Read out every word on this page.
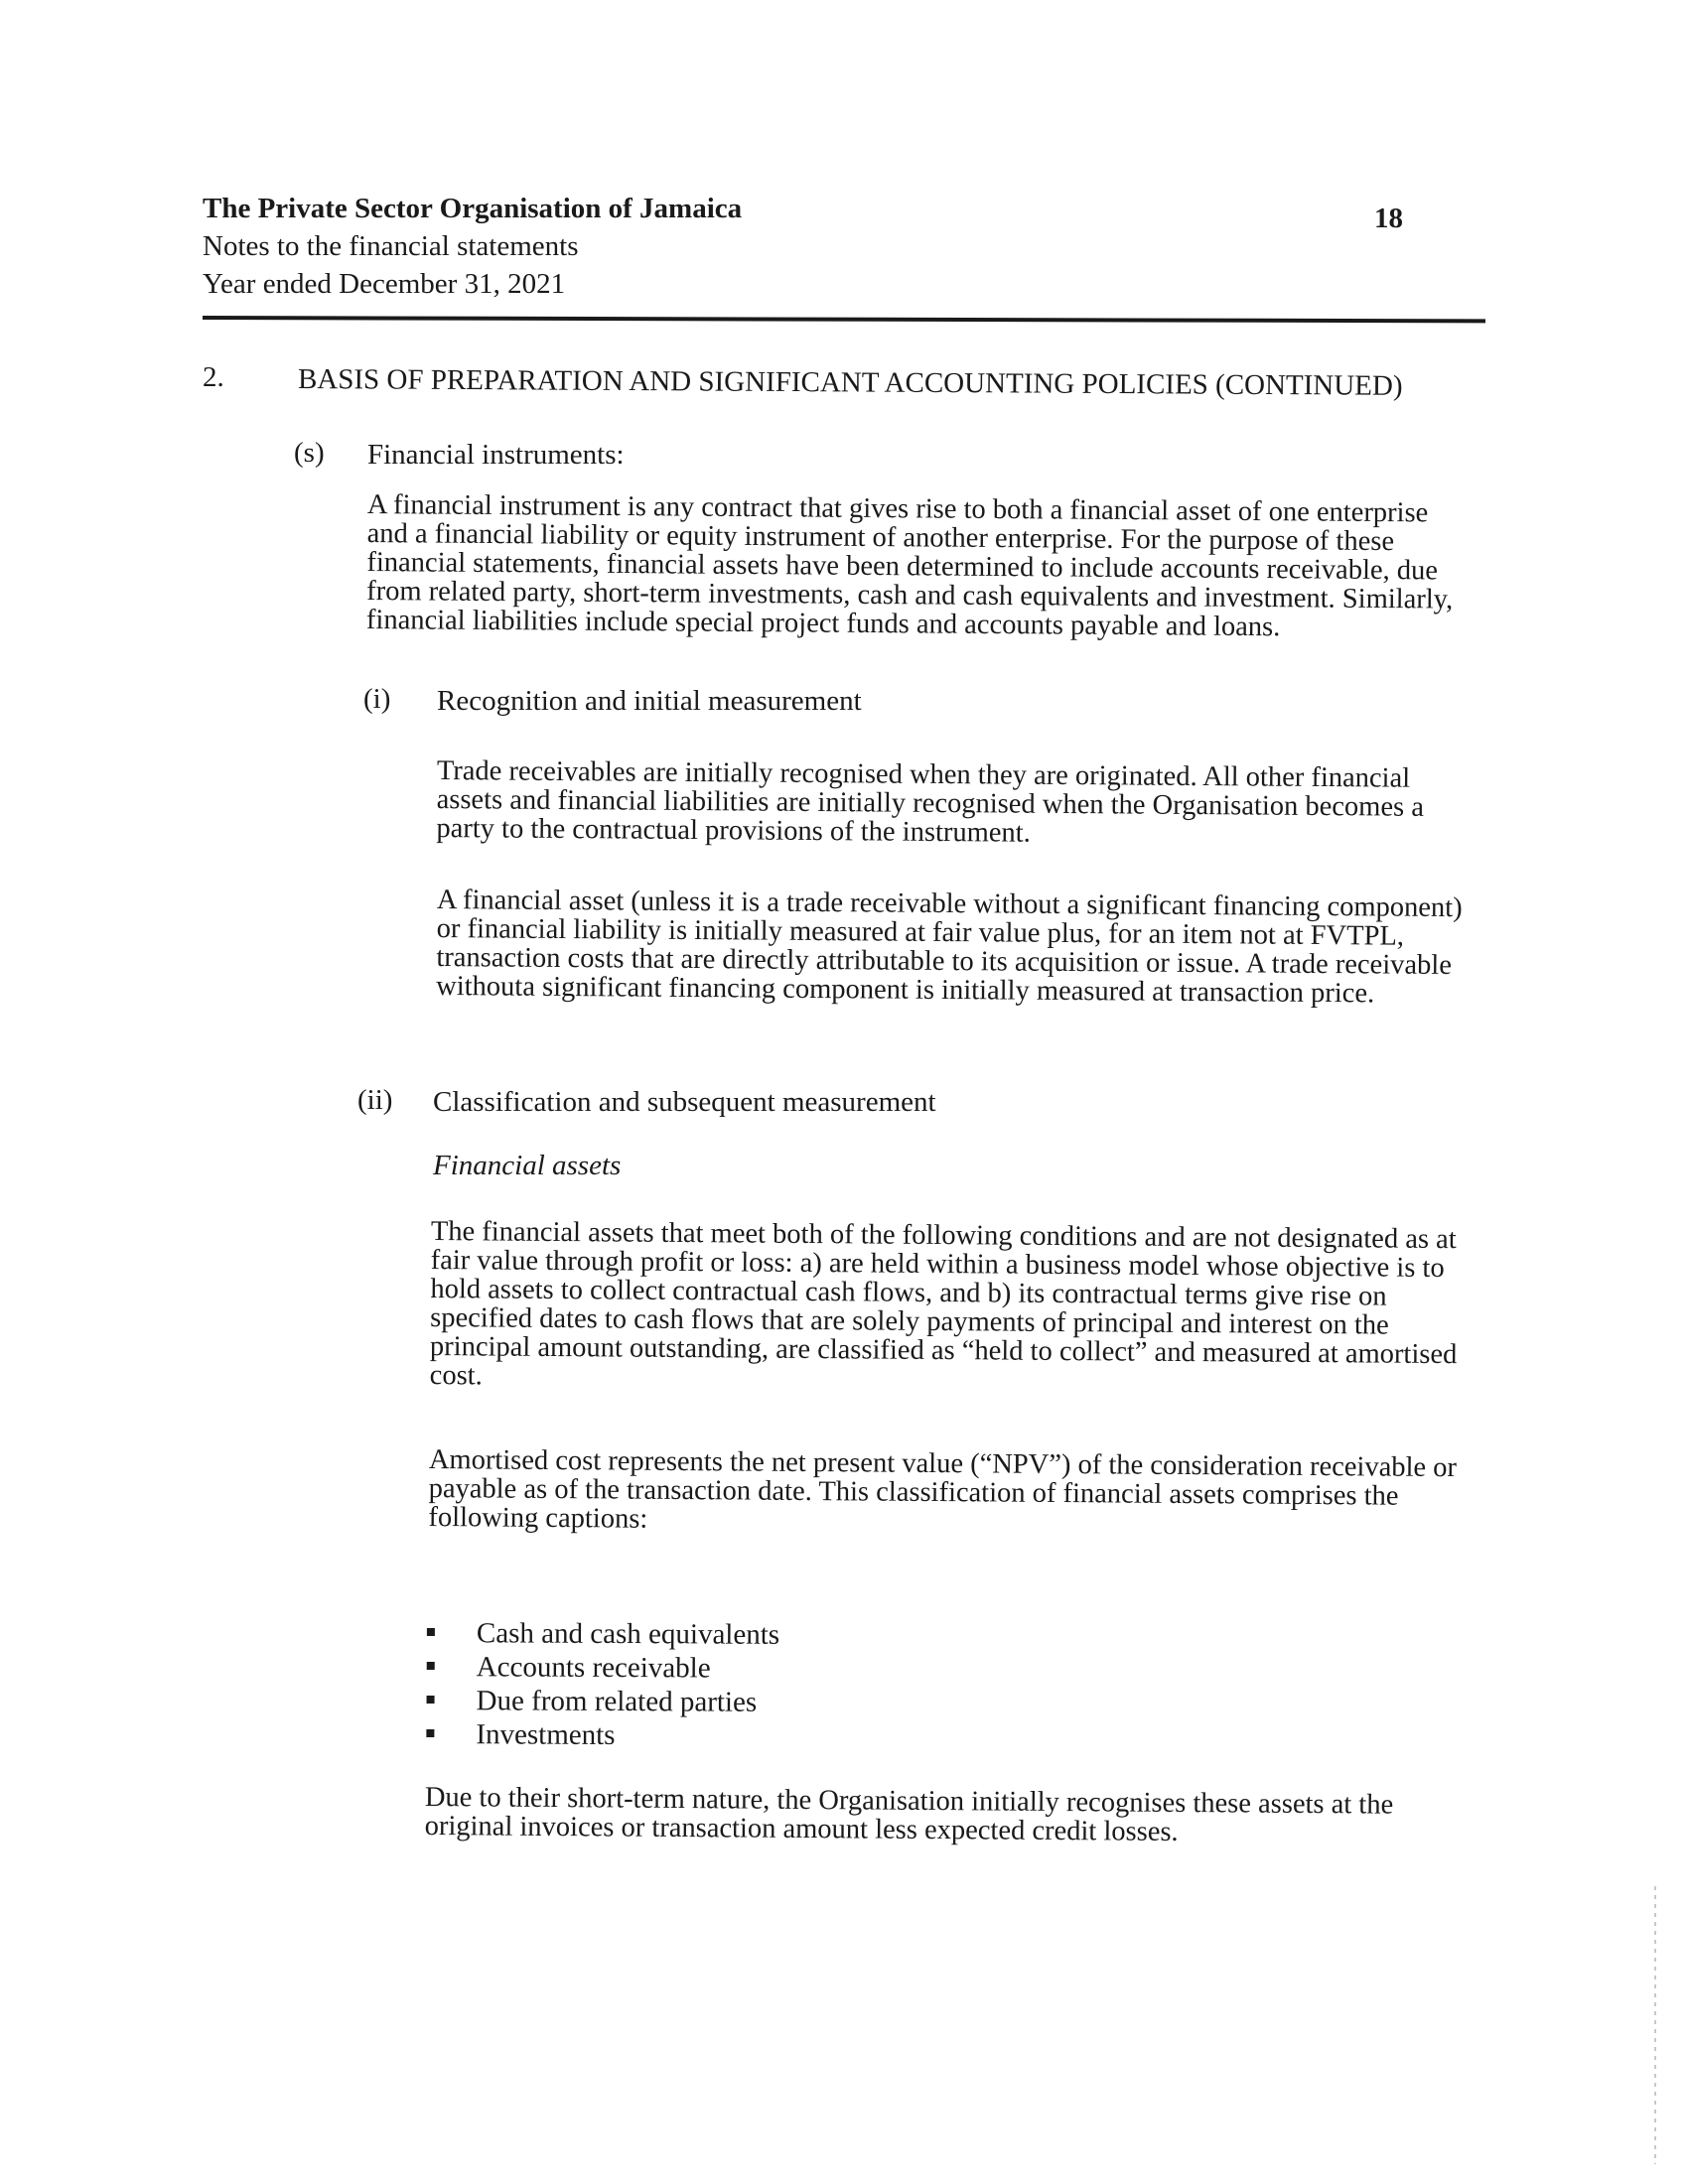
The Private Sector Organisation of Jamaica
Notes to the financial statements
Year ended December 31, 2021
18
2.	BASIS OF PREPARATION AND SIGNIFICANT ACCOUNTING POLICIES (CONTINUED)
(s) Financial instruments:
A financial instrument is any contract that gives rise to both a financial asset of one enterprise and a financial liability or equity instrument of another enterprise. For the purpose of these financial statements, financial assets have been determined to include accounts receivable, due from related party, short-term investments, cash and cash equivalents and investment. Similarly, financial liabilities include special project funds and accounts payable and loans.
(i) Recognition and initial measurement
Trade receivables are initially recognised when they are originated. All other financial assets and financial liabilities are initially recognised when the Organisation becomes a party to the contractual provisions of the instrument.
A financial asset (unless it is a trade receivable without a significant financing component) or financial liability is initially measured at fair value plus, for an item not at FVTPL, transaction costs that are directly attributable to its acquisition or issue. A trade receivable withouta significant financing component is initially measured at transaction price.
(ii) Classification and subsequent measurement
Financial assets
The financial assets that meet both of the following conditions and are not designated as at fair value through profit or loss: a) are held within a business model whose objective is to hold assets to collect contractual cash flows, and b) its contractual terms give rise on specified dates to cash flows that are solely payments of principal and interest on the principal amount outstanding, are classified as “held to collect” and measured at amortised cost.
Amortised cost represents the net present value (“NPV”) of the consideration receivable or payable as of the transaction date. This classification of financial assets comprises the following captions:
Cash and cash equivalents
Accounts receivable
Due from related parties
Investments
Due to their short-term nature, the Organisation initially recognises these assets at the original invoices or transaction amount less expected credit losses.
